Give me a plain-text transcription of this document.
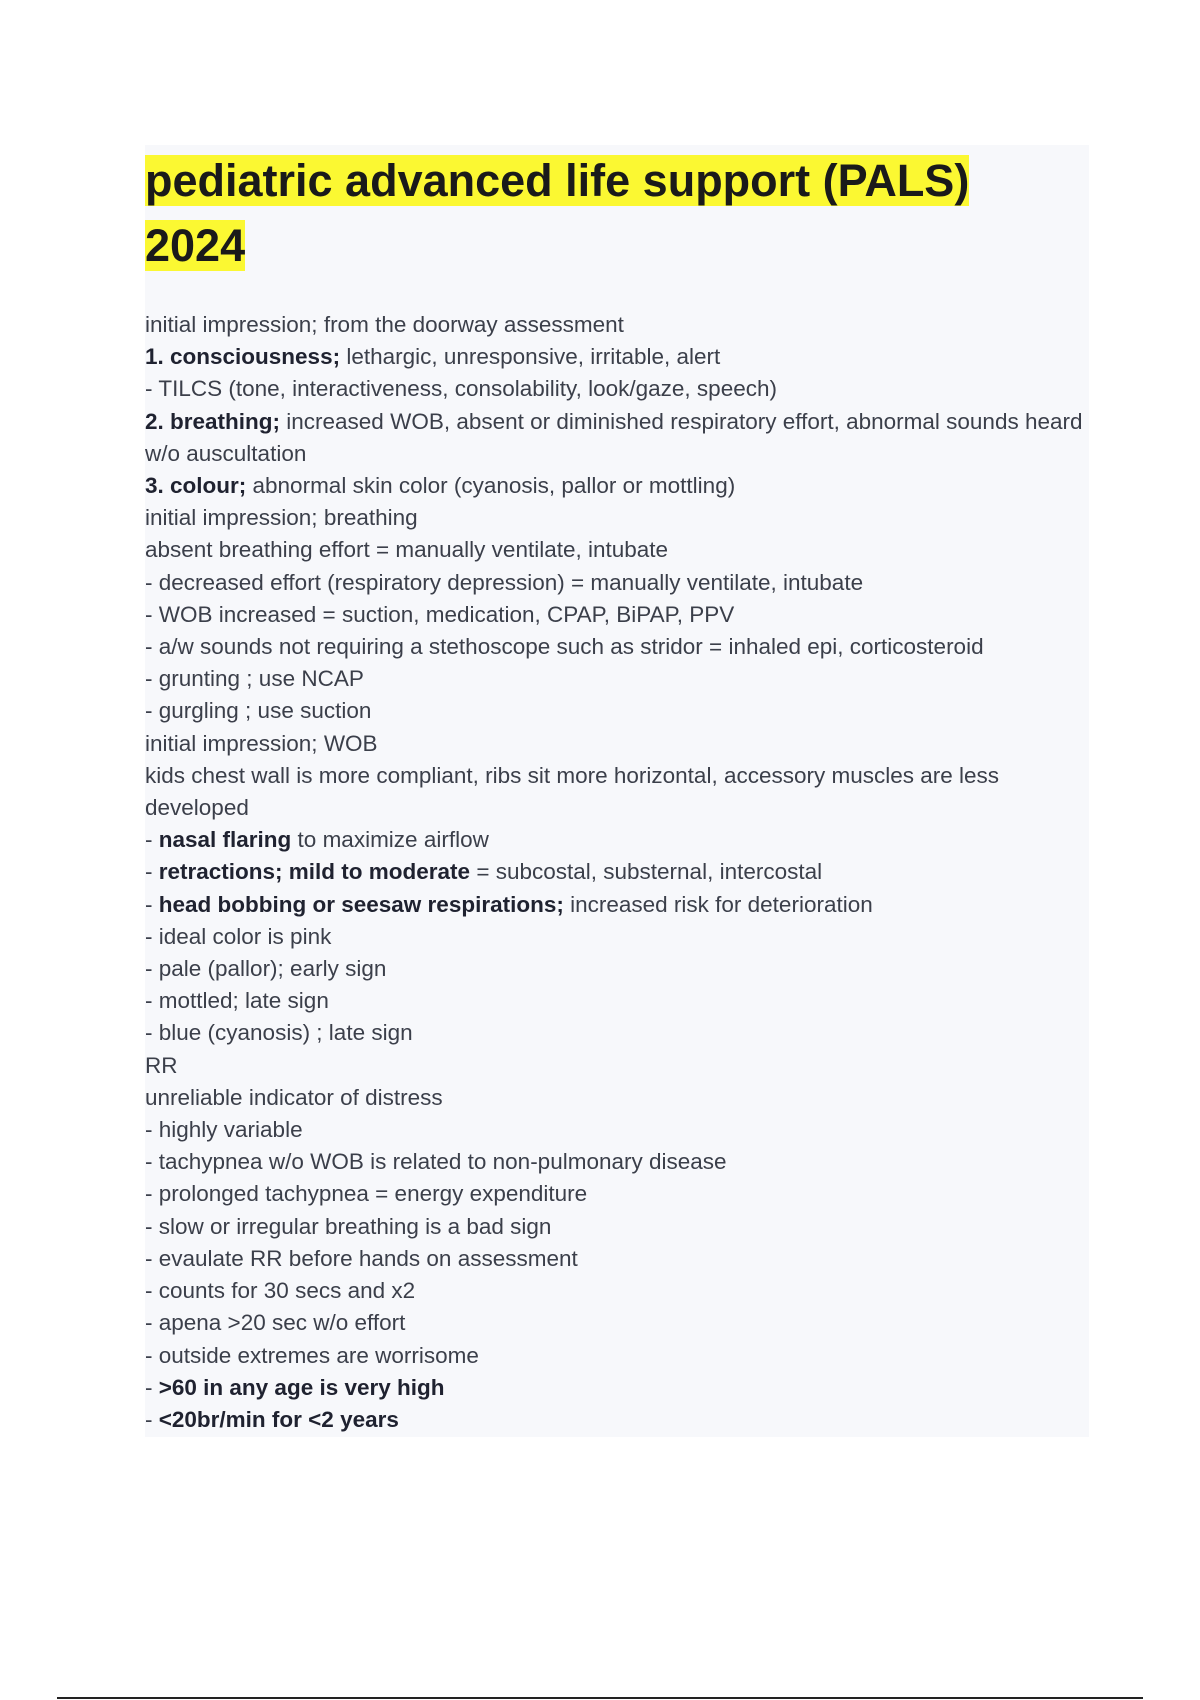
pediatric advanced life support (PALS)
2024
initial impression; from the doorway assessment
1. consciousness; lethargic, unresponsive, irritable, alert
- TILCS (tone, interactiveness, consolability, look/gaze, speech)
2. breathing; increased WOB, absent or diminished respiratory effort, abnormal sounds heard w/o auscultation
3. colour; abnormal skin color (cyanosis, pallor or mottling)
initial impression; breathing
absent breathing effort = manually ventilate, intubate
- decreased effort (respiratory depression) = manually ventilate, intubate
- WOB increased = suction, medication, CPAP, BiPAP, PPV
- a/w sounds not requiring a stethoscope such as stridor = inhaled epi, corticosteroid
- grunting ; use NCAP
- gurgling ; use suction
initial impression; WOB
kids chest wall is more compliant, ribs sit more horizontal, accessory muscles are less developed
- nasal flaring to maximize airflow
- retractions; mild to moderate = subcostal, substernal, intercostal
- head bobbing or seesaw respirations; increased risk for deterioration
- ideal color is pink
- pale (pallor); early sign
- mottled; late sign
- blue (cyanosis) ; late sign
RR
unreliable indicator of distress
- highly variable
- tachypnea w/o WOB is related to non-pulmonary disease
- prolonged tachypnea = energy expenditure
- slow or irregular breathing is a bad sign
- evaulate RR before hands on assessment
- counts for 30 secs and x2
- apena >20 sec w/o effort
- outside extremes are worrisome
- >60 in any age is very high
- <20br/min for <2 years
